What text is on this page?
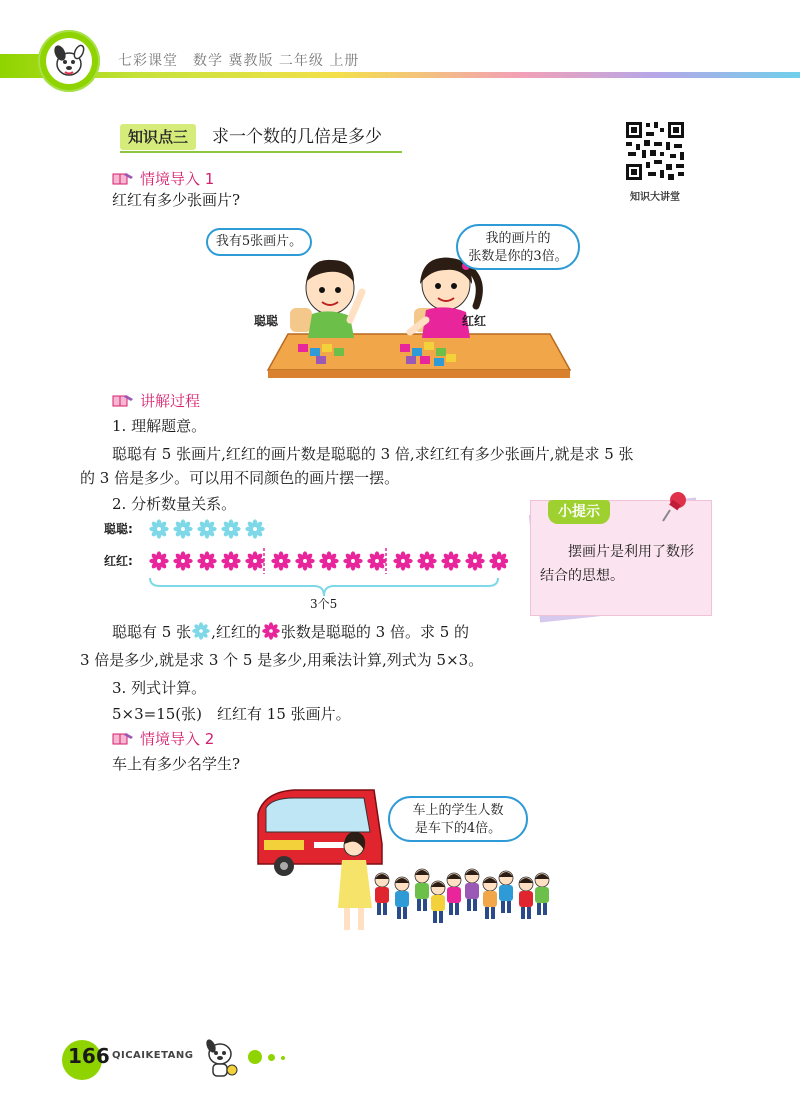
七彩课堂　数学 冀教版 二年级 上册
知识点三	求一个数的几倍是多少
知识大讲堂
情境导入 1
红红有多少张画片?
我有5张画片。	我的画片的
张数是你的3倍。
聪聪	红红
讲解过程
1. 理解题意。
聪聪有 5 张画片,红红的画片数是聪聪的 3 倍,求红红有多少张画片,就是求 5 张
的 3 倍是多少。可以用不同颜色的画片摆一摆。
2. 分析数量关系。
聪聪:
红红:
3个5
小提示
摆画片是利用了数形结合的思想。
聪聪有 5 张 ,红红的 张数是聪聪的 3 倍。求 5 的
3 倍是多少,就是求 3 个 5 是多少,用乘法计算,列式为 5×3。
3. 列式计算。
5×3=15(张)　红红有 15 张画片。
情境导入 2
车上有多少名学生?
车上的学生人数
是车下的4倍。
166 QICAIKETANG
